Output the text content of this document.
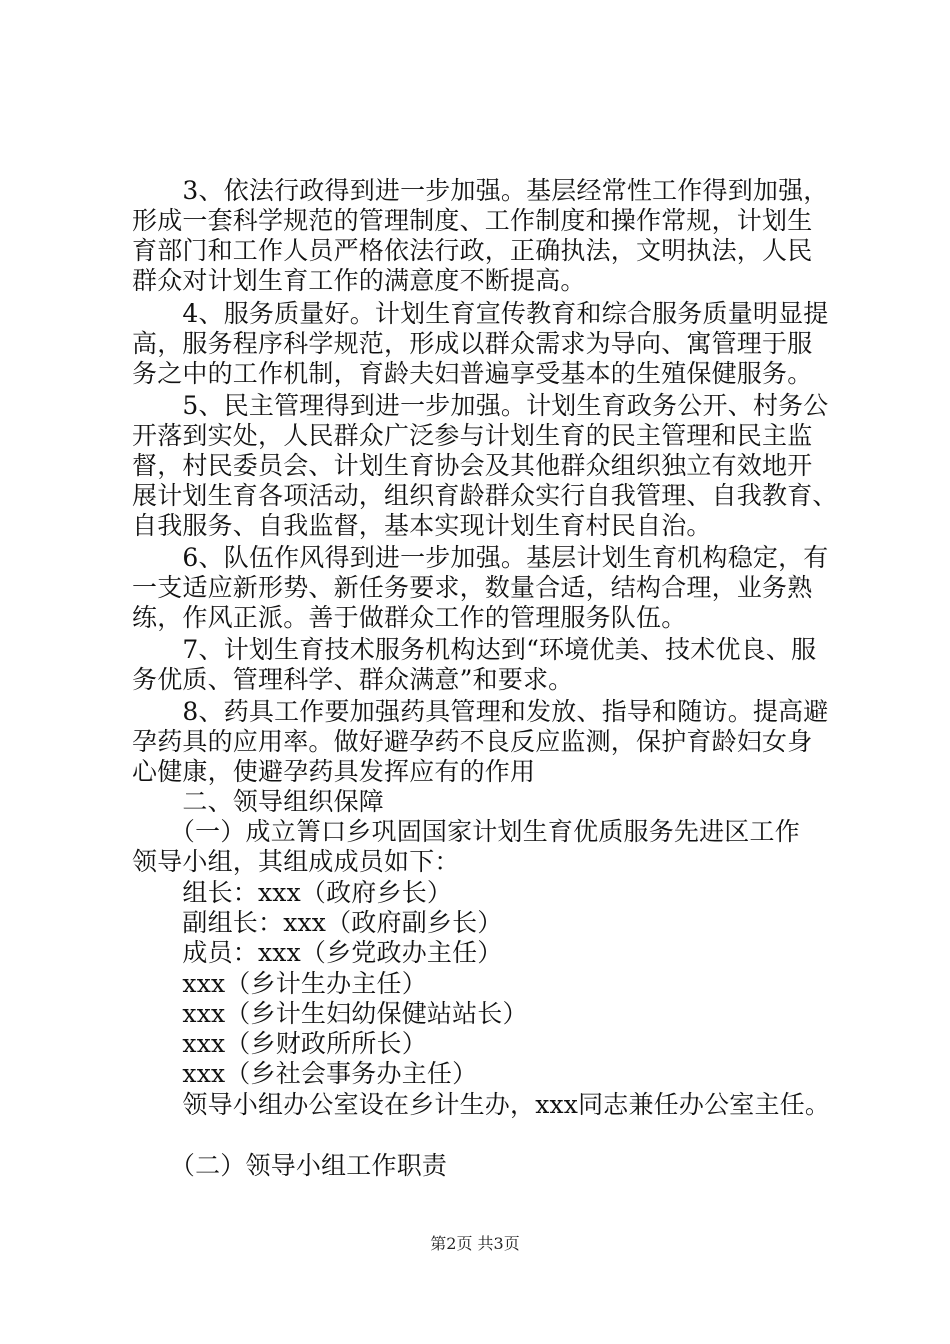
　　3、依法行政得到进一步加强。基层经常性工作得到加强，
形成一套科学规范的管理制度、工作制度和操作常规，计划生
育部门和工作人员严格依法行政，正确执法，文明执法，人民
群众对计划生育工作的满意度不断提高。
　　4、服务质量好。计划生育宣传教育和综合服务质量明显提
高，服务程序科学规范，形成以群众需求为导向、寓管理于服
务之中的工作机制，育龄夫妇普遍享受基本的生殖保健服务。
　　5、民主管理得到进一步加强。计划生育政务公开、村务公
开落到实处，人民群众广泛参与计划生育的民主管理和民主监
督，村民委员会、计划生育协会及其他群众组织独立有效地开
展计划生育各项活动，组织育龄群众实行自我管理、自我教育、
自我服务、自我监督，基本实现计划生育村民自治。
　　6、队伍作风得到进一步加强。基层计划生育机构稳定，有
一支适应新形势、新任务要求，数量合适，结构合理，业务熟
练，作风正派。善于做群众工作的管理服务队伍。
　　7、计划生育技术服务机构达到“环境优美、技术优良、服
务优质、管理科学、群众满意”和要求。
　　8、药具工作要加强药具管理和发放、指导和随访。提高避
孕药具的应用率。做好避孕药不良反应监测，保护育龄妇女身
心健康，使避孕药具发挥应有的作用
　　二、领导组织保障
　　（一）成立箐口乡巩固国家计划生育优质服务先进区工作
领导小组，其组成成员如下：
　　组长：xxx（政府乡长）
　　副组长：xxx（政府副乡长）
　　成员：xxx（乡党政办主任）
　　xxx（乡计生办主任）
　　xxx（乡计生妇幼保健站站长）
　　xxx（乡财政所所长）
　　xxx（乡社会事务办主任）
　　领导小组办公室设在乡计生办，xxx同志兼任办公室主任。
　　（二）领导小组工作职责
第2页 共3页
